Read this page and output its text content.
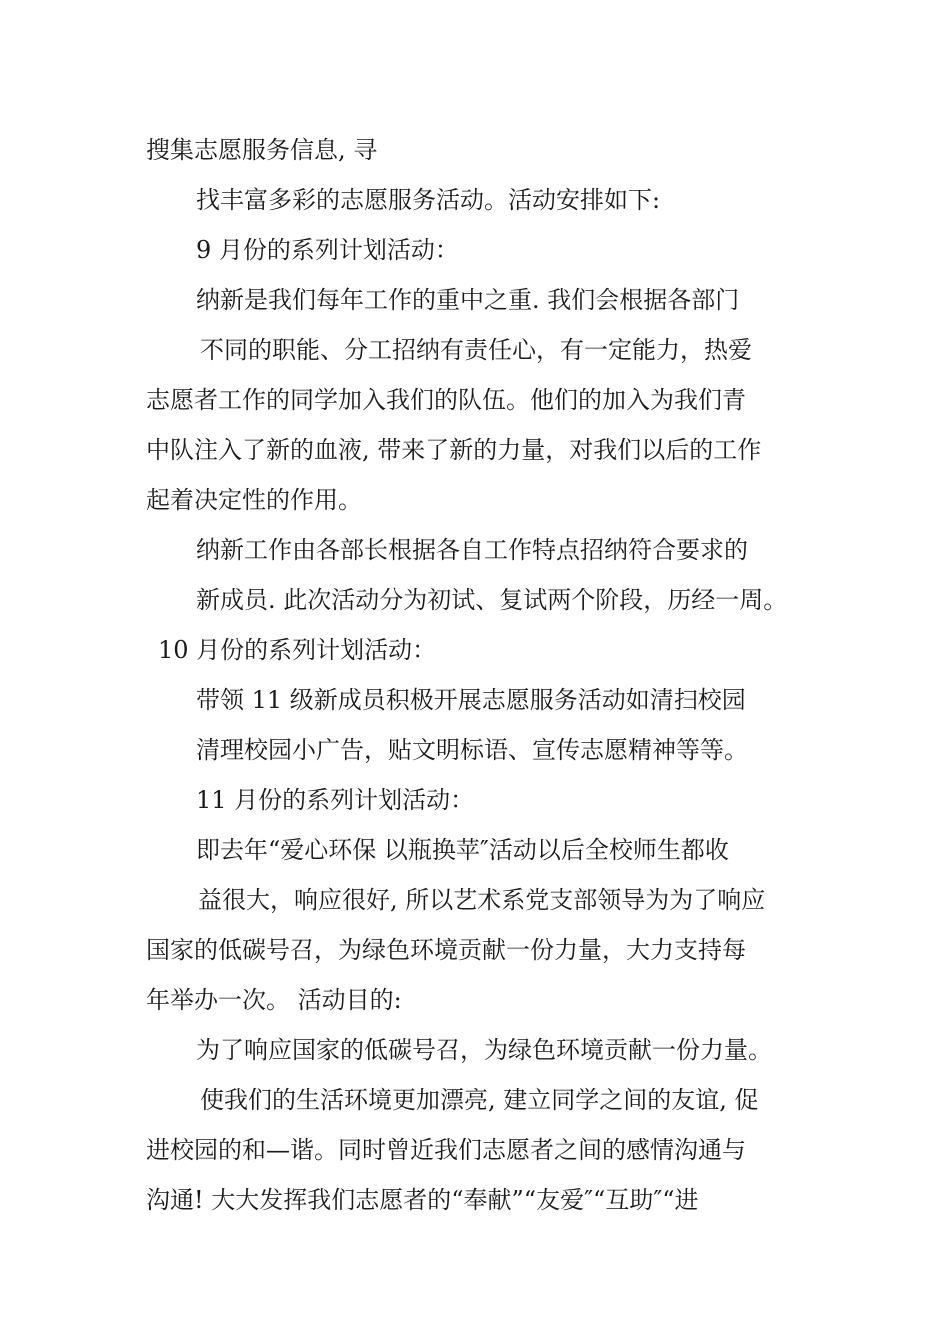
搜集志愿服务信息, 寻
找丰富多彩的志愿服务活动。活动安排如下:
9 月份的系列计划活动：
纳新是我们每年工作的重中之重. 我们会根据各部门
不同的职能、分工招纳有责任心，有一定能力，热爱
志愿者工作的同学加入我们的队伍。他们的加入为我们青
中队注入了新的血液, 带来了新的力量，对我们以后的工作
起着决定性的作用。
纳新工作由各部长根据各自工作特点招纳符合要求的
新成员. 此次活动分为初试、复试两个阶段，历经一周。
10 月份的系列计划活动：
带领 11 级新成员积极开展志愿服务活动如清扫校园
清理校园小广告，贴文明标语、宣传志愿精神等等。
11 月份的系列计划活动：
即去年“爱心环保 以瓶换苹″活动以后全校师生都收
益很大，响应很好, 所以艺术系党支部领导为为了响应
国家的低碳号召，为绿色环境贡献一份力量，大力支持每
年举办一次。 活动目的:
为了响应国家的低碳号召，为绿色环境贡献一份力量。
使我们的生活环境更加漂亮, 建立同学之间的友谊, 促
进校园的和—谐。同时曾近我们志愿者之间的感情沟通与
沟通! 大大发挥我们志愿者的“奉献”“友爱″“互助″“进
